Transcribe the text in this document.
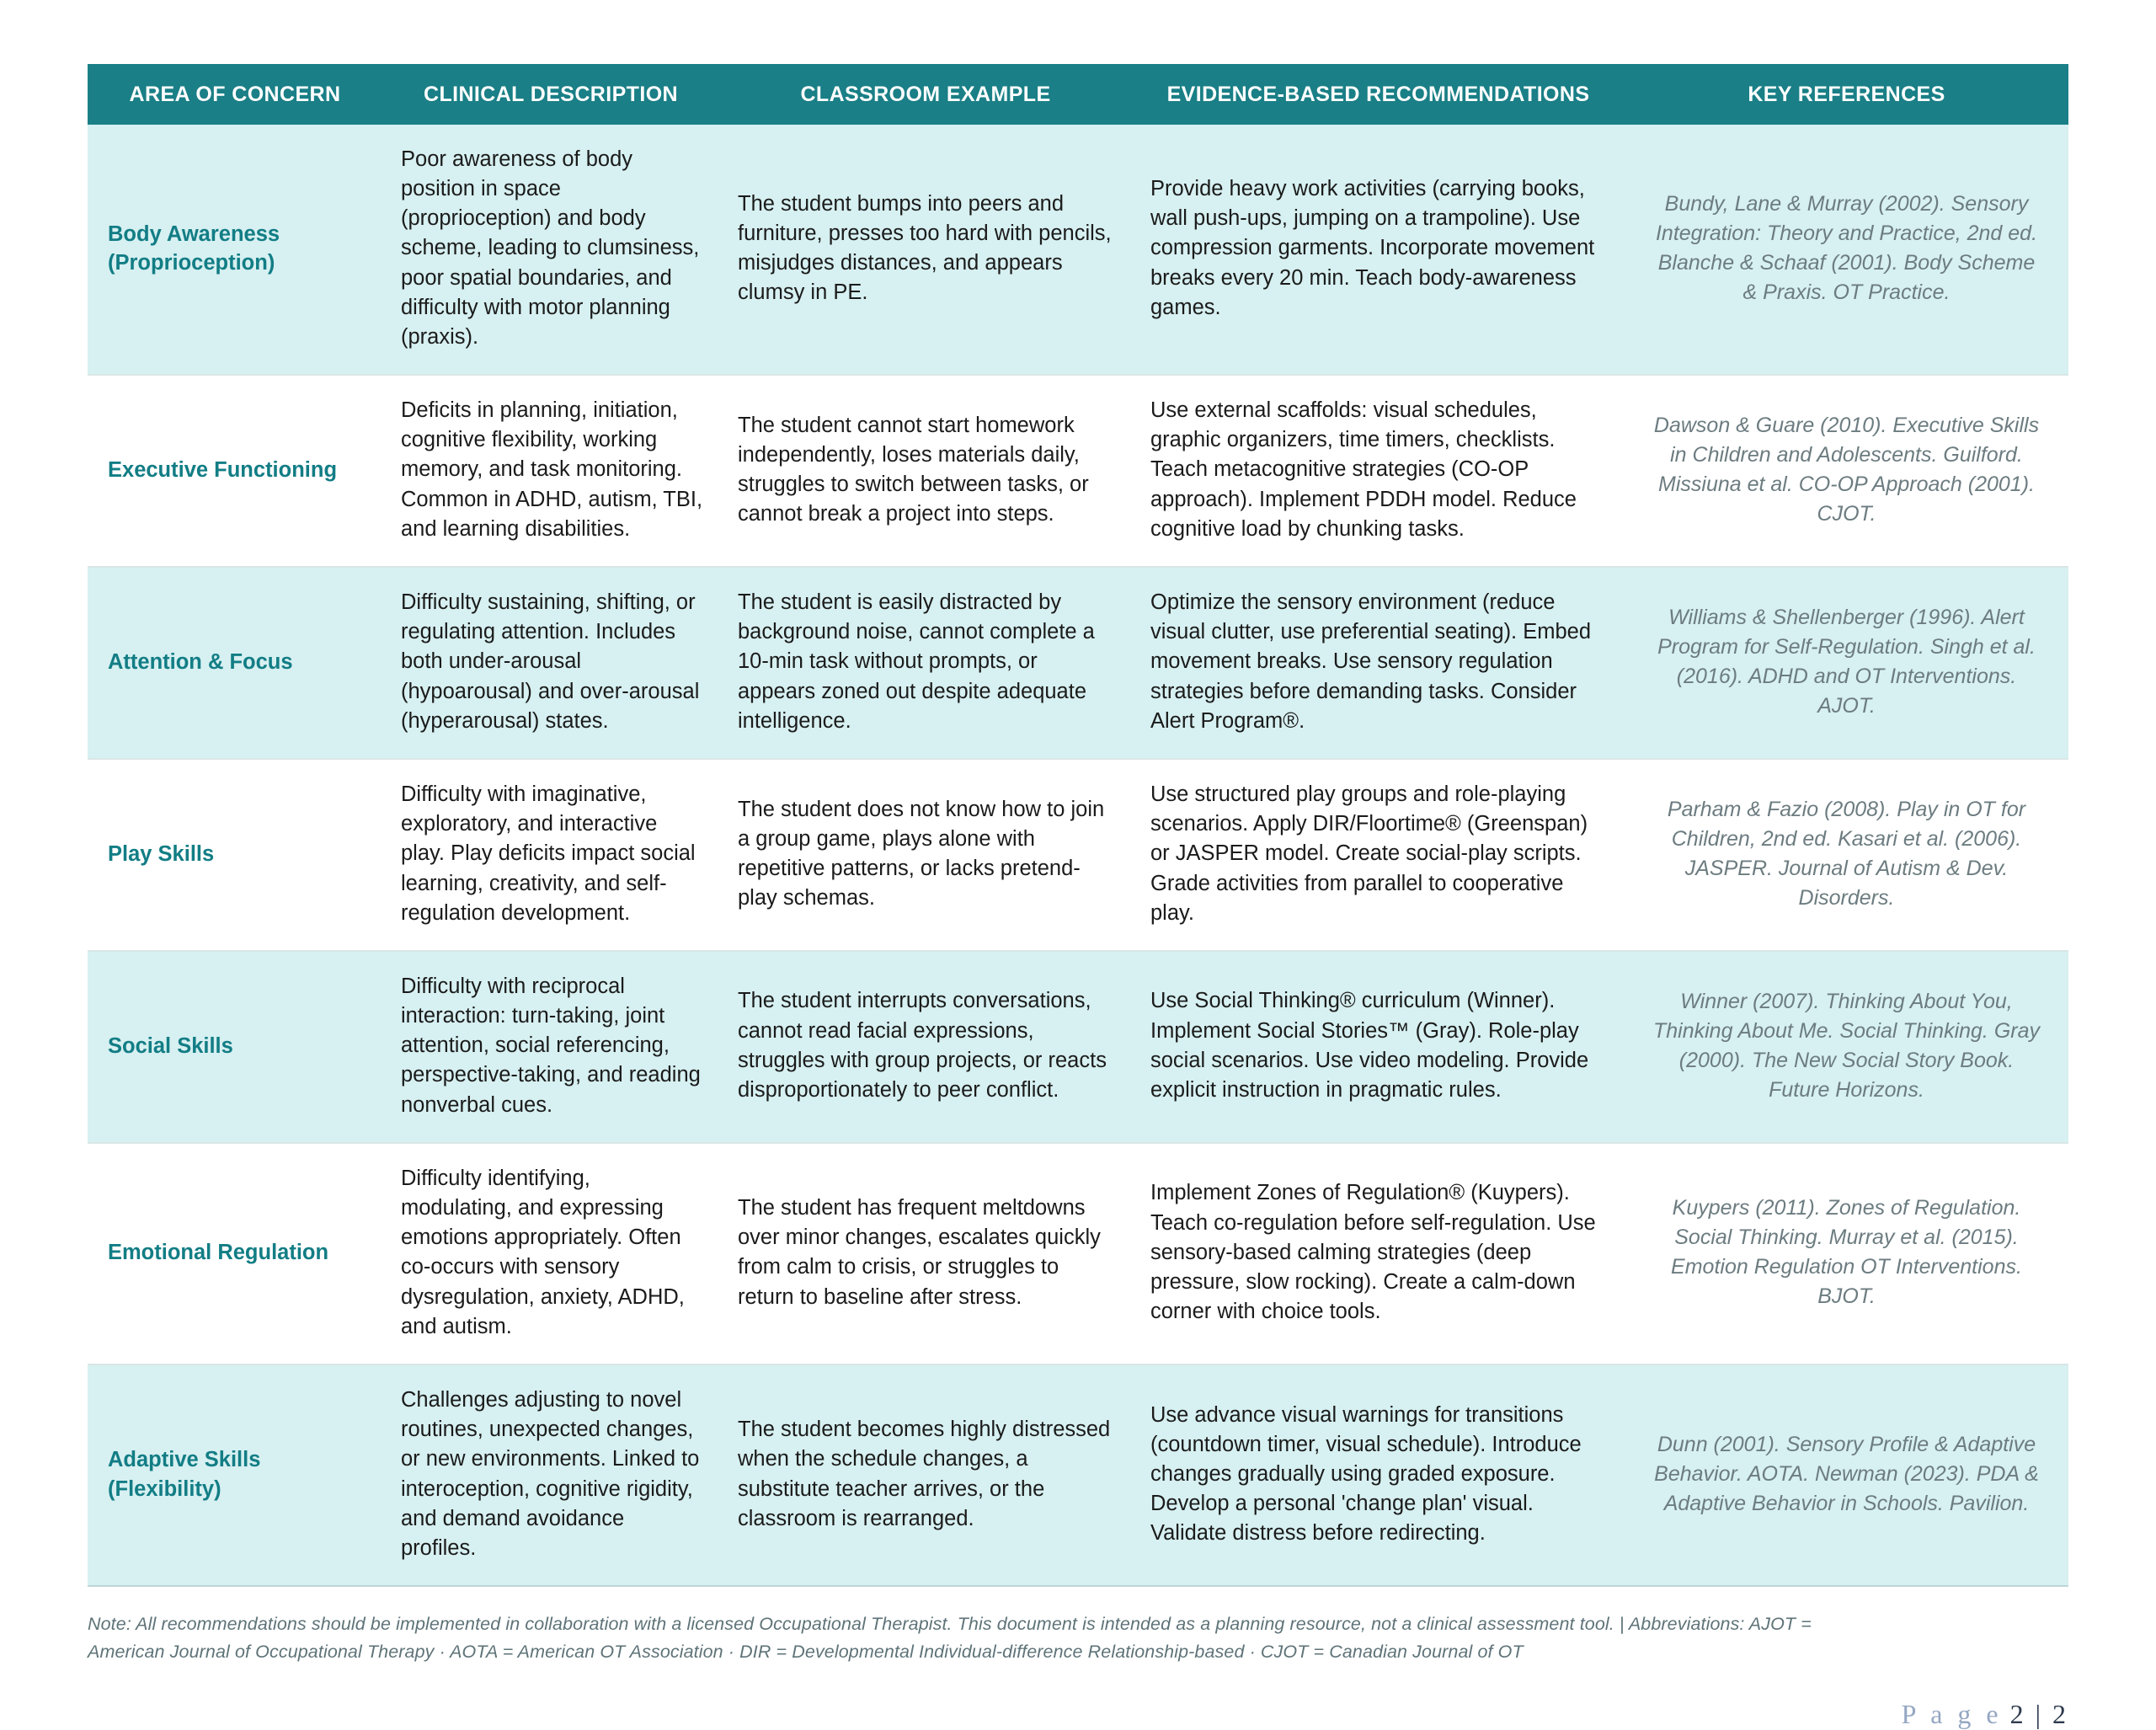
AREA OF CONCERN	CLINICAL DESCRIPTION	CLASSROOM EXAMPLE	EVIDENCE-BASED RECOMMENDATIONS	KEY REFERENCES
Body Awareness (Proprioception)	Poor awareness of body position in space (proprioception) and body scheme, leading to clumsiness, poor spatial boundaries, and difficulty with motor planning (praxis).	The student bumps into peers and furniture, presses too hard with pencils, misjudges distances, and appears clumsy in PE.	Provide heavy work activities (carrying books, wall push-ups, jumping on a trampoline). Use compression garments. Incorporate movement breaks every 20 min. Teach body-awareness games.	Bundy, Lane & Murray (2002). Sensory Integration: Theory and Practice, 2nd ed. Blanche & Schaaf (2001). Body Scheme & Praxis. OT Practice.
Executive Functioning	Deficits in planning, initiation, cognitive flexibility, working memory, and task monitoring. Common in ADHD, autism, TBI, and learning disabilities.	The student cannot start homework independently, loses materials daily, struggles to switch between tasks, or cannot break a project into steps.	Use external scaffolds: visual schedules, graphic organizers, time timers, checklists. Teach metacognitive strategies (CO-OP approach). Implement PDDH model. Reduce cognitive load by chunking tasks.	Dawson & Guare (2010). Executive Skills in Children and Adolescents. Guilford. Missiuna et al. CO-OP Approach (2001). CJOT.
Attention & Focus	Difficulty sustaining, shifting, or regulating attention. Includes both under-arousal (hypoarousal) and over-arousal (hyperarousal) states.	The student is easily distracted by background noise, cannot complete a 10-min task without prompts, or appears zoned out despite adequate intelligence.	Optimize the sensory environment (reduce visual clutter, use preferential seating). Embed movement breaks. Use sensory regulation strategies before demanding tasks. Consider Alert Program®.	Williams & Shellenberger (1996). Alert Program for Self-Regulation. Singh et al. (2016). ADHD and OT Interventions. AJOT.
Play Skills	Difficulty with imaginative, exploratory, and interactive play. Play deficits impact social learning, creativity, and self-regulation development.	The student does not know how to join a group game, plays alone with repetitive patterns, or lacks pretend-play schemas.	Use structured play groups and role-playing scenarios. Apply DIR/Floortime® (Greenspan) or JASPER model. Create social-play scripts. Grade activities from parallel to cooperative play.	Parham & Fazio (2008). Play in OT for Children, 2nd ed. Kasari et al. (2006). JASPER. Journal of Autism & Dev. Disorders.
Social Skills	Difficulty with reciprocal interaction: turn-taking, joint attention, social referencing, perspective-taking, and reading nonverbal cues.	The student interrupts conversations, cannot read facial expressions, struggles with group projects, or reacts disproportionately to peer conflict.	Use Social Thinking® curriculum (Winner). Implement Social Stories™ (Gray). Role-play social scenarios. Use video modeling. Provide explicit instruction in pragmatic rules.	Winner (2007). Thinking About You, Thinking About Me. Social Thinking. Gray (2000). The New Social Story Book. Future Horizons.
Emotional Regulation	Difficulty identifying, modulating, and expressing emotions appropriately. Often co-occurs with sensory dysregulation, anxiety, ADHD, and autism.	The student has frequent meltdowns over minor changes, escalates quickly from calm to crisis, or struggles to return to baseline after stress.	Implement Zones of Regulation® (Kuypers). Teach co-regulation before self-regulation. Use sensory-based calming strategies (deep pressure, slow rocking). Create a calm-down corner with choice tools.	Kuypers (2011). Zones of Regulation. Social Thinking. Murray et al. (2015). Emotion Regulation OT Interventions. BJOT.
Adaptive Skills (Flexibility)	Challenges adjusting to novel routines, unexpected changes, or new environments. Linked to interoception, cognitive rigidity, and demand avoidance profiles.	The student becomes highly distressed when the schedule changes, a substitute teacher arrives, or the classroom is rearranged.	Use advance visual warnings for transitions (countdown timer, visual schedule). Introduce changes gradually using graded exposure. Develop a personal 'change plan' visual. Validate distress before redirecting.	Dunn (2001). Sensory Profile & Adaptive Behavior. AOTA. Newman (2023). PDA & Adaptive Behavior in Schools. Pavilion.
Note: All recommendations should be implemented in collaboration with a licensed Occupational Therapist. This document is intended as a planning resource, not a clinical assessment tool. | Abbreviations: AJOT =
American Journal of Occupational Therapy · AOTA = American OT Association · DIR = Developmental Individual-difference Relationship-based · CJOT = Canadian Journal of OT
P a g e 2 | 2
